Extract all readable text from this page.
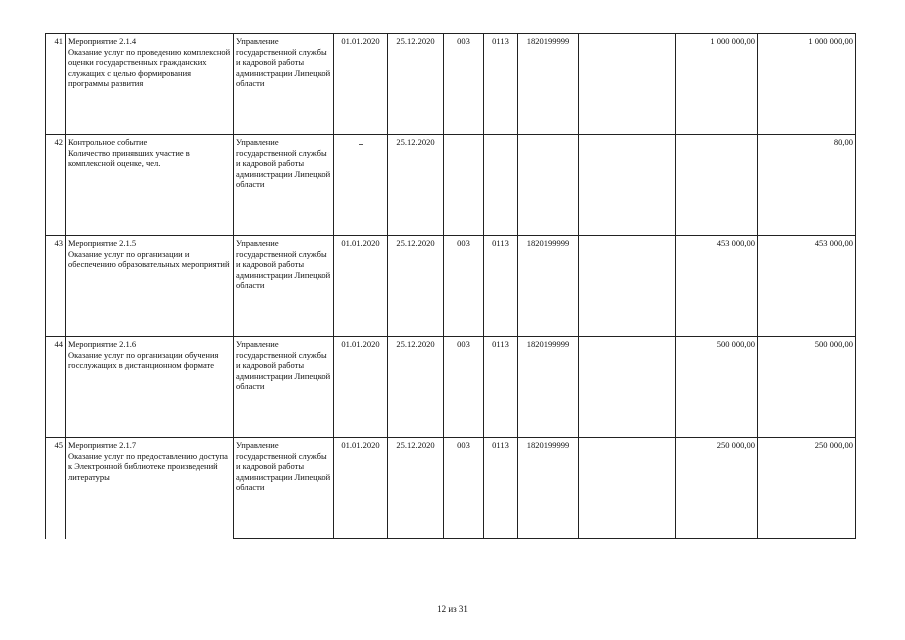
41	Мероприятие 2.1.4
Оказание услуг по проведению комплексной оценки государственных гражданских служащих с целью формирования программы развития	Управление государственной службы и кадровой работы администрации Липецкой области	01.01.2020	25.12.2020	003	0113	1820199999		1 000 000,00	1 000 000,00
42	Контрольное событие
Количество принявших участие в комплексной оценке, чел.	Управление государственной службы и кадровой работы администрации Липецкой области		25.12.2020						80,00
43	Мероприятие 2.1.5
Оказание услуг по организации и обеспечению образовательных мероприятий	Управление государственной службы и кадровой работы администрации Липецкой области	01.01.2020	25.12.2020	003	0113	1820199999		453 000,00	453 000,00
44	Мероприятие 2.1.6
Оказание услуг по организации обучения госслужащих в дистанционном формате	Управление государственной службы и кадровой работы администрации Липецкой области	01.01.2020	25.12.2020	003	0113	1820199999		500 000,00	500 000,00
45	Мероприятие 2.1.7
Оказание услуг по предоставлению доступа к Электронной библиотеке произведений литературы	Управление государственной службы и кадровой работы администрации Липецкой области	01.01.2020	25.12.2020	003	0113	1820199999		250 000,00	250 000,00
12 из 31
